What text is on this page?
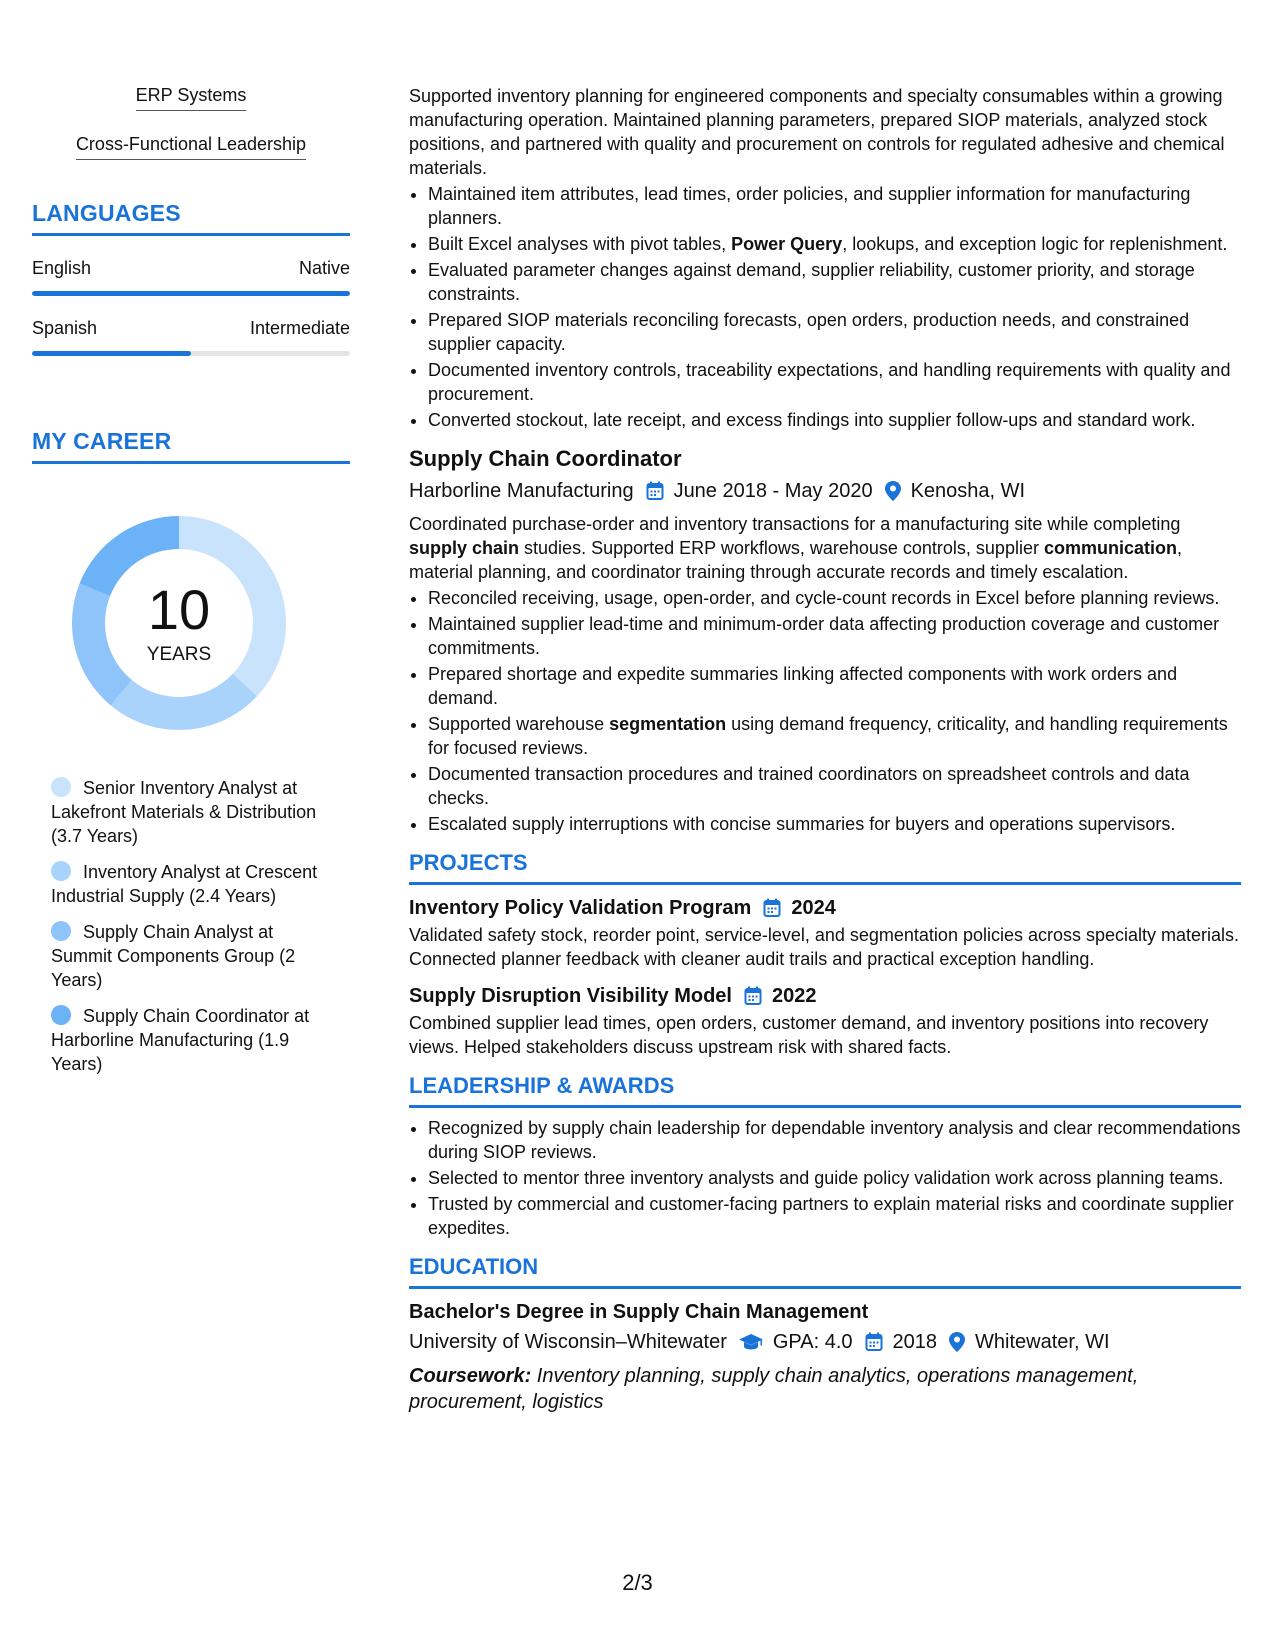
ERP Systems
Cross-Functional Leadership
LANGUAGES
English	Native
Spanish	Intermediate
MY CAREER
10
YEARS
Senior Inventory Analyst at Lakefront Materials & Distribution (3.7 Years)
Inventory Analyst at Crescent Industrial Supply (2.4 Years)
Supply Chain Analyst at Summit Components Group (2 Years)
Supply Chain Coordinator at Harborline Manufacturing (1.9 Years)

Supported inventory planning for engineered components and specialty consumables within a growing manufacturing operation. Maintained planning parameters, prepared SIOP materials, analyzed stock positions, and partnered with quality and procurement on controls for regulated adhesive and chemical materials.

• Maintained item attributes, lead times, order policies, and supplier information for manufacturing planners.
• Built Excel analyses with pivot tables, Power Query, lookups, and exception logic for replenishment.
• Evaluated parameter changes against demand, supplier reliability, customer priority, and storage constraints.
• Prepared SIOP materials reconciling forecasts, open orders, production needs, and constrained supplier capacity.
• Documented inventory controls, traceability expectations, and handling requirements with quality and procurement.
• Converted stockout, late receipt, and excess findings into supplier follow-ups and standard work.
Supply Chain Coordinator
Harborline Manufacturing June 2018 - May 2020 Kenosha, WI

Coordinated purchase-order and inventory transactions for a manufacturing site while completing supply chain studies. Supported ERP workflows, warehouse controls, supplier communication, material planning, and coordinator training through accurate records and timely escalation.

• Reconciled receiving, usage, open-order, and cycle-count records in Excel before planning reviews.
• Maintained supplier lead-time and minimum-order data affecting production coverage and customer commitments.
• Prepared shortage and expedite summaries linking affected components with work orders and demand.
• Supported warehouse segmentation using demand frequency, criticality, and handling requirements for focused reviews.
• Documented transaction procedures and trained coordinators on spreadsheet controls and data checks.
• Escalated supply interruptions with concise summaries for buyers and operations supervisors.
PROJECTS
Inventory Policy Validation Program 2024

Validated safety stock, reorder point, service-level, and segmentation policies across specialty materials. Connected planner feedback with cleaner audit trails and practical exception handling.

Supply Disruption Visibility Model 2022

Combined supplier lead times, open orders, customer demand, and inventory positions into recovery views. Helped stakeholders discuss upstream risk with shared facts.

LEADERSHIP & AWARDS
• Recognized by supply chain leadership for dependable inventory analysis and clear recommendations during SIOP reviews.
• Selected to mentor three inventory analysts and guide policy validation work across planning teams.
• Trusted by commercial and customer-facing partners to explain material risks and coordinate supplier expedites.
EDUCATION
Bachelor's Degree in Supply Chain Management
University of Wisconsin–Whitewater GPA: 4.0 2018 Whitewater, WI

Coursework: Inventory planning, supply chain analytics, operations management, procurement, logistics

2/3
